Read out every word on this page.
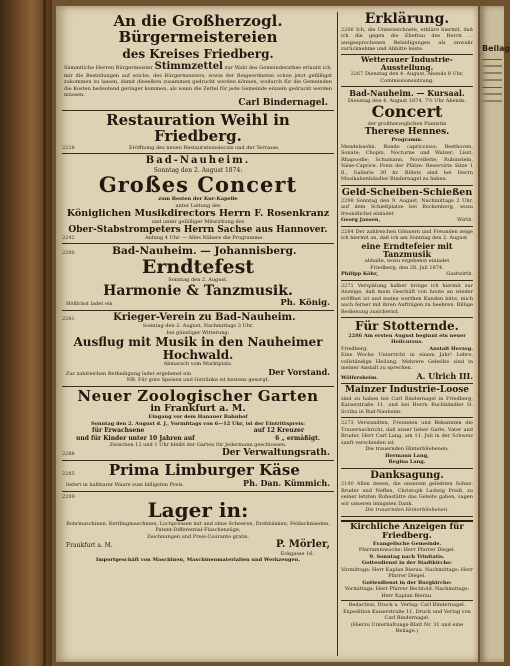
An die Großherzogl. Bürgermeistereien
des Kreises Friedberg.
Sämmtliche Herren Bürgermeister Stimmzettel zur Wahl des Gemeinderathes erlaubt ich, mir die Bestellungen auf solche, des Bürgermeisters, sowie der Beigeordneten schon jetzt gefälligst zukommen zu lassen, damit dieselben zusammen gedruckt werden können, wodurch für die Gemeinden die Kosten bedeutend geringer kommen, als wenn die Zettel für jede Gemeinde einzeln gedruckt werden müssen.
Carl Bindernagel.
Restauration Weihl in Friedberg.
2228	Eröffnung des neuen Restaurationslocals und der Terrasse.
Bad-Nauheim.
Sonntag den 2. August 1874:
Großes Concert
zum Besten der Kur-Kapelle
unter Leitung des
Königlichen Musikdirectors Herrn F. Rosenkranz
und unter gefälliger Mitwirkung des
Ober-Stabstrompeters Herrn Sachse aus Hannover.
2242	Anfang 4 Uhr. — Alles Nähere die Programme.
2280	Bad-Nauheim. — Johannisberg.
Erndtefest
Sonntag den 2. August.
Harmonie & Tanzmusik.
Höflichst ladet ein	Ph. König.
2281	Krieger-Verein zu Bad-Nauheim.
Sonntag den 2. August, Nachmittags 3 Uhr,
bei günstiger Witterung:
Ausflug mit Musik in den Nauheimer Hochwald.
Abmarsch vom Marktplatz.
Zur zahlreichen Betheiligung ladet ergebenst ein	Der Vorstand.
NB. Für gute Speisen und Getränke ist bestens gesorgt.
Neuer Zoologischer Garten
in Frankfurt a. M.
Eingang vor dem Hanauer Bahnhof
Sonntag den 2. August d. J., Vormittags von 6—12 Uhr, ist der Eintrittspreis:
für Erwachsene	auf 12 Kreuzer
und für Kinder unter 10 Jahren auf	6 „ ermäßigt.
Zwischen 12 und 1 Uhr bleibt der Garten für Jedermann geschlossen.
2288	Der Verwaltungsrath.
2285	Prima Limburger Käse
liefert in haltbarer Waare zum billigsten Preis.	Ph. Dan. Kümmich.
2289
Lager in:
Bohrmaschinen, Kettlingmaschinen, Lochpressen mit und ohne Scheeren, Drehbänken, Feldschmieden,
Patent-Differential-Flaschenzüge,
Zeichnungen und Preis-Courante gratis.
Frankfurt a. M.	P. Mörler,
Eckgasse 16.
Importgeschäft von Maschinen, Maschinenmaterialien und Werkzeugen.
Erklärung.
2266 Ich, die Unterzeichnete, erkläre hiermit, daß ich die gegen die Ehefrau des Herrn … ausgesprochenen Beleidigungen als unwahr zurücknehme und Abbitte leiste.
Wetterauer Industrie-Ausstellung.
2267 Dienstag den 4. August, Abends 8 Uhr, Commissionssitzung.
Bad-Nauheim. — Kursaal.
Dienstag den 4. August 1874, 7½ Uhr Abends.
Concert
der großherzoglichen Pianistin
Therese Hennes.
Programm.
Mendelssohn, Rondo capriccioso; Beethoven, Sonate; Chopin, Nocturne und Walzer; Liszt, Rhapsodie; Schumann, Novellette; Rubinstein, Valse-Caprice. Preis der Plätze: Reservirte Sitze 1 fl., Gallerie 30 kr. Billets sind bei Herrn Musikalienhändler Bindernagel zu haben.
Geld-Scheiben-Schießen
2298 Sonntag den 9. August, Nachmittags 2 Uhr, auf dem Schießplatze bei Rockenberg, wozu freundlichst einladet
Georg Jansen,	Wirth.
2284 Der zahlreichen Gönnern und Freunden zeige ich hiermit an, daß ich am Sonntag den 2. August
eine Erndtefeier mit Tanzmusik
abhalte, wozu ergebenst einladet
Friedberg, den 28. Juli 1874.
Philipp Köhr,	Gastwirth.
2271 Verspätung halber bringe ich hiermit zur Anzeige, daß mein Geschäft von heute an wieder eröffnet ist und meine werthen Kunden bitte, mich auch ferner mit ihren Aufträgen zu beehren. Billige Bedienung zusichernd.
Für Stotternde.
2286 Am ersten August beginnt ein neuer Heilcursus.
Friedberg.	Anstalt Herzog.
Eine Woche Unterricht in einem Jahr! Lehre, vollständige Heilung. Mehrere Geheilte sind in meiner Anstalt zu sprechen.
Wölfersheim.	A. Ulrich III.
Mainzer Industrie-Loose
sind zu haben bei Carl Bindernagel in Friedberg, Kaiserstraße 11, und bei Herrn Buchhändler H. Scriba in Bad-Nauheim.
2273 Verwandten, Freunden und Bekannten die Trauernachricht, daß unser lieber Gatte, Vater und Bruder, Herr Carl Lang, am 11. Juli in der Schweiz sanft verschieden ist.
Die trauernden Hinterbliebenen:
Hermann Lang,
Regina Lang.
Danksagung.
2190 Allen denen, die unserem geliebten Sohne, Bruder und Neffen, Christoph Ludwig Preiß, zu seiner letzten Ruhestätte das Geleite gaben, sagen wir unseren innigsten Dank.
Die trauernden Hinterbliebenen.
Kirchliche Anzeigen für Friedberg.
Evangelische Gemeinde.
Pfarramtswoche: Herr Pfarrer Diegel.
9. Sonntag nach Trinitatis.
Gottesdienst in der Stadtkirche:
Vormittags: Herr Kaplan Bierau. Nachmittags: Herr Pfarrer Diegel.
Gottesdienst in der Burgkirche:
Vormittags: Herr Pfarrer Bechtold. Nachmittags: Herr Kaplan Bierau.
Redaction, Druck u. Verlag: Carl Bindernagel.
Expedition Kaiserstraße 11. Druck und Verlag von Carl Bindernagel.
(Hierzu Unterhaltungs-Blatt Nr. 31 und eine Beilage.)
Beilag
